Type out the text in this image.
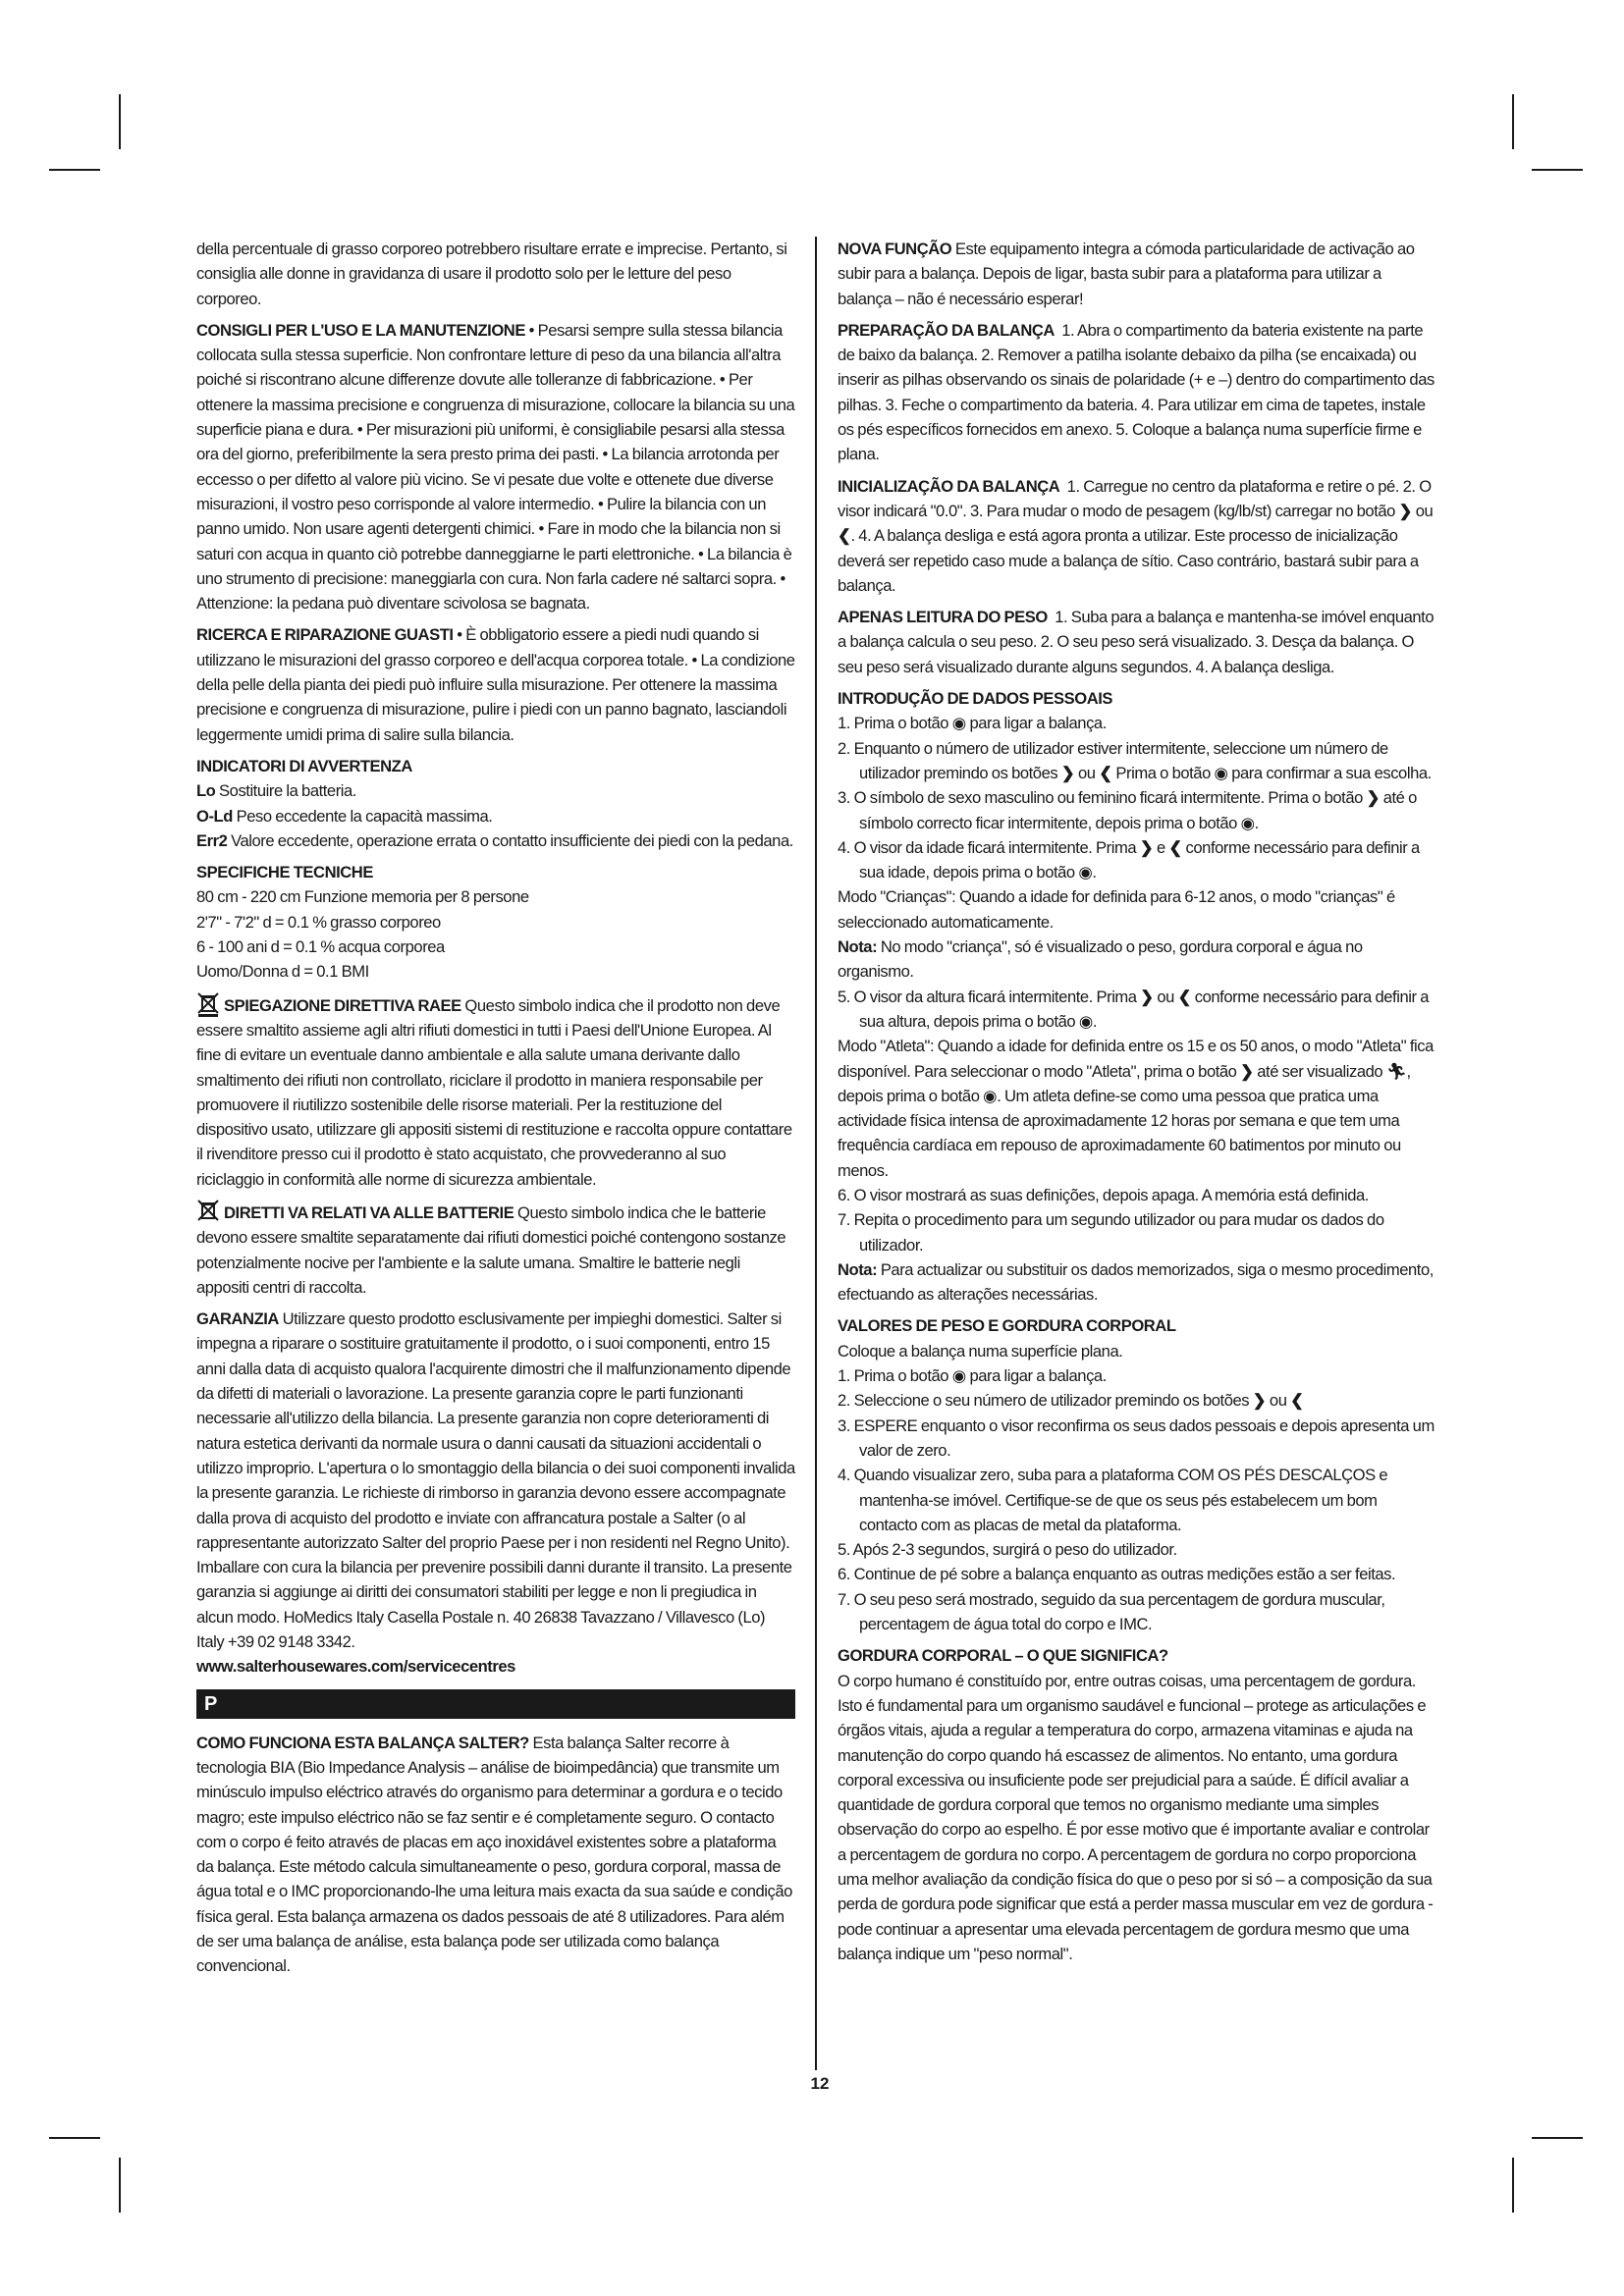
della percentuale di grasso corporeo potrebbero risultare errate e imprecise. Pertanto, si consiglia alle donne in gravidanza di usare il prodotto solo per le letture del peso corporeo.

CONSIGLI PER L'USO E LA MANUTENZIONE • Pesarsi sempre sulla stessa bilancia collocata sulla stessa superficie. Non confrontare letture di peso da una bilancia all'altra poiché si riscontrano alcune differenze dovute alle tolleranze di fabbricazione. • Per ottenere la massima precisione e congruenza di misurazione, collocare la bilancia su una superficie piana e dura. • Per misurazioni più uniformi, è consigliabile pesarsi alla stessa ora del giorno, preferibilmente la sera presto prima dei pasti. • La bilancia arrotonda per eccesso o per difetto al valore più vicino. Se vi pesate due volte e ottenete due diverse misurazioni, il vostro peso corrisponde al valore intermedio. • Pulire la bilancia con un panno umido. Non usare agenti detergenti chimici. • Fare in modo che la bilancia non si saturi con acqua in quanto ciò potrebbe danneggiarne le parti elettroniche. • La bilancia è uno strumento di precisione: maneggiarla con cura. Non farla cadere né saltarci sopra. • Attenzione: la pedana può diventare scivolosa se bagnata.

RICERCA E RIPARAZIONE GUASTI • È obbligatorio essere a piedi nudi quando si utilizzano le misurazioni del grasso corporeo e dell'acqua corporea totale. • La condizione della pelle della pianta dei piedi può influire sulla misurazione. Per ottenere la massima precisione e congruenza di misurazione, pulire i piedi con un panno bagnato, lasciandoli leggermente umidi prima di salire sulla bilancia.

INDICATORI DI AVVERTENZA
Lo Sostituire la batteria.
O-Ld Peso eccedente la capacità massima.
Err2 Valore eccedente, operazione errata o contatto insufficiente dei piedi con la pedana.
SPECIFICHE TECNICHE
80 cm - 220 cm Funzione memoria per 8 persone
2'7" - 7'2" d = 0.1 % grasso corporeo
6 - 100 ani d = 0.1 % acqua corporea
Uomo/Donna d = 0.1 BMI

SPIEGAZIONE DIRETTIVA RAEE Questo simbolo indica che il prodotto non deve essere smaltito assieme agli altri rifiuti domestici in tutti i Paesi dell'Unione Europea. Al fine di evitare un eventuale danno ambientale e alla salute umana derivante dallo smaltimento dei rifiuti non controllato, riciclare il prodotto in maniera responsabile per promuovere il riutilizzo sostenibile delle risorse materiali. Per la restituzione del dispositivo usato, utilizzare gli appositi sistemi di restituzione e raccolta oppure contattare il rivenditore presso cui il prodotto è stato acquistato, che provvederanno al suo riciclaggio in conformità alle norme di sicurezza ambientale.

DIRETTI VA RELATI VA ALLE BATTERIE Questo simbolo indica che le batterie devono essere smaltite separatamente dai rifiuti domestici poiché contengono sostanze potenzialmente nocive per l'ambiente e la salute umana. Smaltire le batterie negli appositi centri di raccolta.

GARANZIA Utilizzare questo prodotto esclusivamente per impieghi domestici. Salter si impegna a riparare o sostituire gratuitamente il prodotto, o i suoi componenti, entro 15 anni dalla data di acquisto qualora l'acquirente dimostri che il malfunzionamento dipende da difetti di materiali o lavorazione. La presente garanzia copre le parti funzionanti necessarie all'utilizzo della bilancia. La presente garanzia non copre deterioramenti di natura estetica derivanti da normale usura o danni causati da situazioni accidentali o utilizzo improprio. L'apertura o lo smontaggio della bilancia o dei suoi componenti invalida la presente garanzia. Le richieste di rimborso in garanzia devono essere accompagnate dalla prova di acquisto del prodotto e inviate con affrancatura postale a Salter (o al rappresentante autorizzato Salter del proprio Paese per i non residenti nel Regno Unito). Imballare con cura la bilancia per prevenire possibili danni durante il transito. La presente garanzia si aggiunge ai diritti dei consumatori stabiliti per legge e non li pregiudica in alcun modo. HoMedics Italy Casella Postale n. 40 26838 Tavazzano / Villavesco (Lo) Italy +39 02 9148 3342.

www.salterhousewares.com/servicecentres
P

COMO FUNCIONA ESTA BALANÇA SALTER? Esta balança Salter recorre à tecnologia BIA (Bio Impedance Analysis – análise de bioimpedância) que transmite um minúsculo impulso eléctrico através do organismo para determinar a gordura e o tecido magro; este impulso eléctrico não se faz sentir e é completamente seguro. O contacto com o corpo é feito através de placas em aço inoxidável existentes sobre a plataforma da balança. Este método calcula simultaneamente o peso, gordura corporal, massa de água total e o IMC proporcionando-lhe uma leitura mais exacta da sua saúde e condição física geral. Esta balança armazena os dados pessoais de até 8 utilizadores. Para além de ser uma balança de análise, esta balança pode ser utilizada como balança convencional.

NOVA FUNÇÃO Este equipamento integra a cómoda particularidade de activação ao subir para a balança. Depois de ligar, basta subir para a plataforma para utilizar a balança – não é necessário esperar!

PREPARAÇÃO DA BALANÇA 1. Abra o compartimento da bateria existente na parte de baixo da balança. 2. Remover a patilha isolante debaixo da pilha (se encaixada) ou inserir as pilhas observando os sinais de polaridade (+ e –) dentro do compartimento das pilhas. 3. Feche o compartimento da bateria. 4. Para utilizar em cima de tapetes, instale os pés específicos fornecidos em anexo. 5. Coloque a balança numa superfície firme e plana.

INICIALIZAÇÃO DA BALANÇA 1. Carregue no centro da plataforma e retire o pé. 2. O visor indicará "0.0". 3. Para mudar o modo de pesagem (kg/lb/st) carregar no botão ❯ ou ❮. 4. A balança desliga e está agora pronta a utilizar. Este processo de inicialização deverá ser repetido caso mude a balança de sítio. Caso contrário, bastará subir para a balança.

APENAS LEITURA DO PESO 1. Suba para a balança e mantenha-se imóvel enquanto a balança calcula o seu peso. 2. O seu peso será visualizado. 3. Desça da balança. O seu peso será visualizado durante alguns segundos. 4. A balança desliga.

INTRODUÇÃO DE DADOS PESSOAIS
1. Prima o botão ◉ para ligar a balança.
2. Enquanto o número de utilizador estiver intermitente, seleccione um número de utilizador premindo os botões ❯ ou ❮ Prima o botão ◉ para confirmar a sua escolha.
3. O símbolo de sexo masculino ou feminino ficará intermitente. Prima o botão ❯ até o símbolo correcto ficar intermitente, depois prima o botão ◉.
4. O visor da idade ficará intermitente. Prima ❯ e ❮ conforme necessário para definir a sua idade, depois prima o botão ◉.
Modo "Crianças": Quando a idade for definida para 6-12 anos, o modo "crianças" é seleccionado automaticamente.
Nota: No modo "criança", só é visualizado o peso, gordura corporal e água no organismo.
5. O visor da altura ficará intermitente. Prima ❯ ou ❮ conforme necessário para definir a sua altura, depois prima o botão ◉.
Modo "Atleta": Quando a idade for definida entre os 15 e os 50 anos, o modo "Atleta" fica disponível. Para seleccionar o modo "Atleta", prima o botão ❯ até ser visualizado 🏃︎, depois prima o botão ◉. Um atleta define-se como uma pessoa que pratica uma actividade física intensa de aproximadamente 12 horas por semana e que tem uma frequência cardíaca em repouso de aproximadamente 60 batimentos por minuto ou menos.
6. O visor mostrará as suas definições, depois apaga. A memória está definida.
7. Repita o procedimento para um segundo utilizador ou para mudar os dados do utilizador.

Nota: Para actualizar ou substituir os dados memorizados, siga o mesmo procedimento, efectuando as alterações necessárias.

VALORES DE PESO E GORDURA CORPORAL
Coloque a balança numa superfície plana.
1. Prima o botão ◉ para ligar a balança.
2. Seleccione o seu número de utilizador premindo os botões ❯ ou ❮
3. ESPERE enquanto o visor reconfirma os seus dados pessoais e depois apresenta um valor de zero.
4. Quando visualizar zero, suba para a plataforma COM OS PÉS DESCALÇOS e mantenha-se imóvel. Certifique-se de que os seus pés estabelecem um bom contacto com as placas de metal da plataforma.
5. Após 2-3 segundos, surgirá o peso do utilizador.
6. Continue de pé sobre a balança enquanto as outras medições estão a ser feitas.
7. O seu peso será mostrado, seguido da sua percentagem de gordura muscular, percentagem de água total do corpo e IMC.
GORDURA CORPORAL – O QUE SIGNIFICA?
O corpo humano é constituído por, entre outras coisas, uma percentagem de gordura. Isto é fundamental para um organismo saudável e funcional – protege as articulações e órgãos vitais, ajuda a regular a temperatura do corpo, armazena vitaminas e ajuda na manutenção do corpo quando há escassez de alimentos. No entanto, uma gordura corporal excessiva ou insuficiente pode ser prejudicial para a saúde. É difícil avaliar a quantidade de gordura corporal que temos no organismo mediante uma simples observação do corpo ao espelho. É por esse motivo que é importante avaliar e controlar a percentagem de gordura no corpo. A percentagem de gordura no corpo proporciona uma melhor avaliação da condição física do que o peso por si só – a composição da sua perda de gordura pode significar que está a perder massa muscular em vez de gordura - pode continuar a apresentar uma elevada percentagem de gordura mesmo que uma balança indique um "peso normal".
12
